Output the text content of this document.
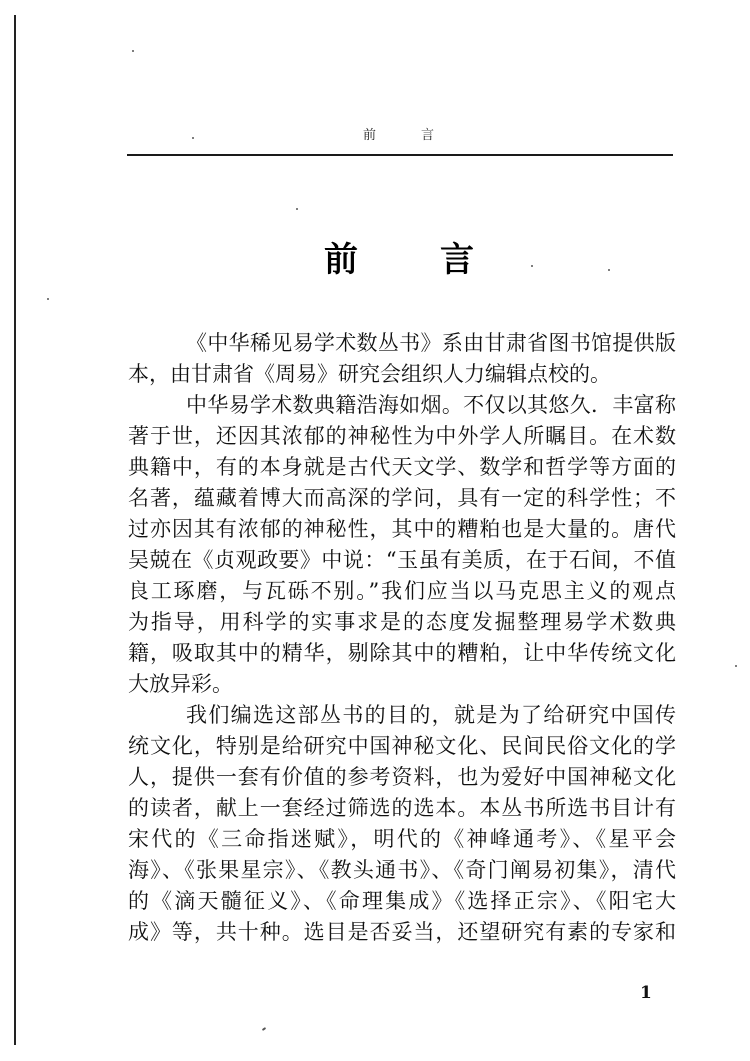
前	言
前 言
《中华稀见易学术数丛书》系由甘肃省图书馆提供版
本，由甘肃省《周易》研究会组织人力编辑点校的。
中华易学术数典籍浩海如烟。不仅以其悠久．丰富称
著于世，还因其浓郁的神秘性为中外学人所瞩目。在术数
典籍中，有的本身就是古代天文学、数学和哲学等方面的
名著，蕴藏着博大而高深的学问，具有一定的科学性；不
过亦因其有浓郁的神秘性，其中的糟粕也是大量的。唐代
吴兢在《贞观政要》中说：“玉虽有美质，在于石间，不值
良工琢磨，与瓦砾不别。”我们应当以马克思主义的观点
为指导，用科学的实事求是的态度发掘整理易学术数典
籍，吸取其中的精华，剔除其中的糟粕，让中华传统文化
大放异彩。
我们编选这部丛书的目的，就是为了给研究中国传
统文化，特别是给研究中国神秘文化、民间民俗文化的学
人，提供一套有价值的参考资料，也为爱好中国神秘文化
的读者，献上一套经过筛选的选本。本丛书所选书目计有
宋代的《三命指迷赋》，明代的《神峰通考》、《星平会
海》、《张果星宗》、《教头通书》、《奇门阐易初集》，清代
的《滴天髓征义》、《命理集成》《选择正宗》、《阳宅大
成》等，共十种。选目是否妥当，还望研究有素的专家和
1
